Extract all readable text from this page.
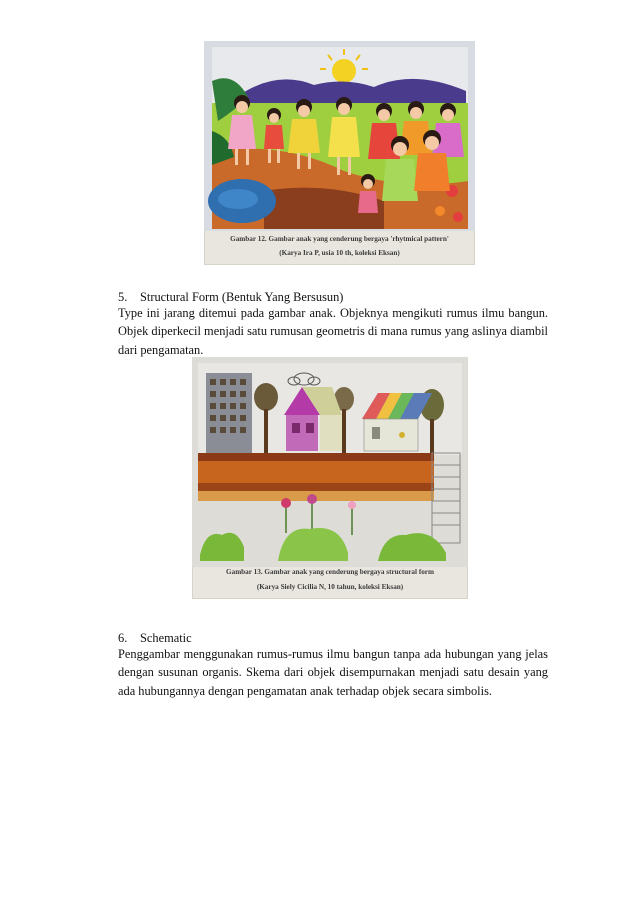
Gambar 12. Gambar anak yang cenderung bergaya 'rhytmical pattern'
(Karya Ira P, usia 10 th, koleksi Eksan)
5. Structural Form (Bentuk Yang Bersusun)

Type ini jarang ditemui pada gambar anak. Objeknya mengikuti rumus ilmu bangun. Objek diperkecil menjadi satu rumusan geometris di mana rumus yang aslinya diambil dari pengamatan.

Gambar 13. Gambar anak yang cenderung bergaya structural form
(Karya Siely Cicilia N, 10 tahun, koleksi Eksan)
6. Schematic

Penggambar menggunakan rumus-rumus ilmu bangun tanpa ada hubungan yang jelas dengan susunan organis. Skema dari objek disempurnakan menjadi satu desain yang ada hubungannya dengan pengamatan anak terhadap objek secara simbolis.
